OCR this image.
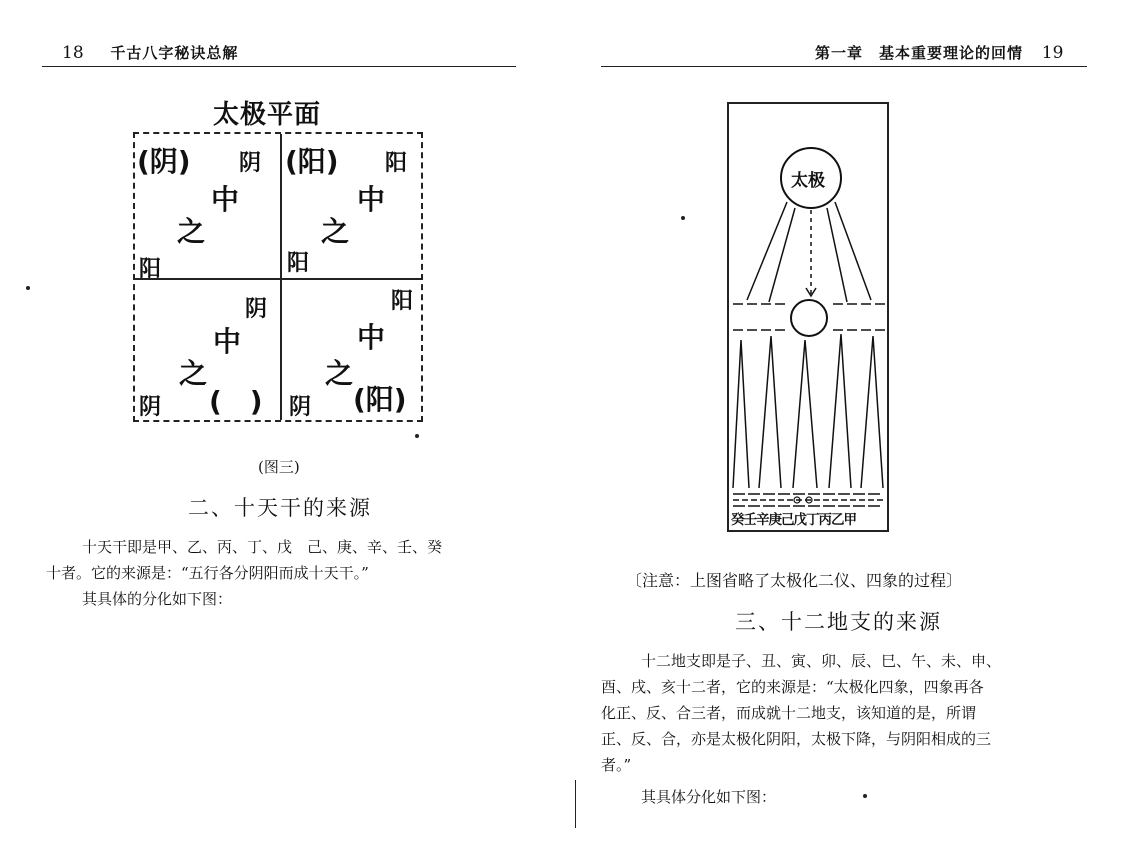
18 千古八字秘诀总解
太极平面
(阴) 阴
中
之
阳
(阳) 阳
中
之
阳
阴
中
之
阴 (　)
阳
中
之
阴 (阳)
(图三)
二、十天干的来源

十天干即是甲、乙、丙、丁、戊　己、庚、辛、壬、癸

十者。它的来源是：“五行各分阴阳而成十天干。”

其具体的分化如下图：

第一章　基本重要理论的回情 19
三、十二地支的来源

十二地支即是子、丑、寅、卯、辰、巳、午、未、申、

酉、戌、亥十二者，它的来源是：“太极化四象，四象再各

化正、反、合三者，而成就十二地支，该知道的是，所谓

正、反、合，亦是太极化阴阳，太极下降，与阴阳相成的三

者。”

其具体分化如下图：

太极
癸壬辛庚己戊丁丙乙甲
〔注意：上图省略了太极化二仪、四象的过程〕
